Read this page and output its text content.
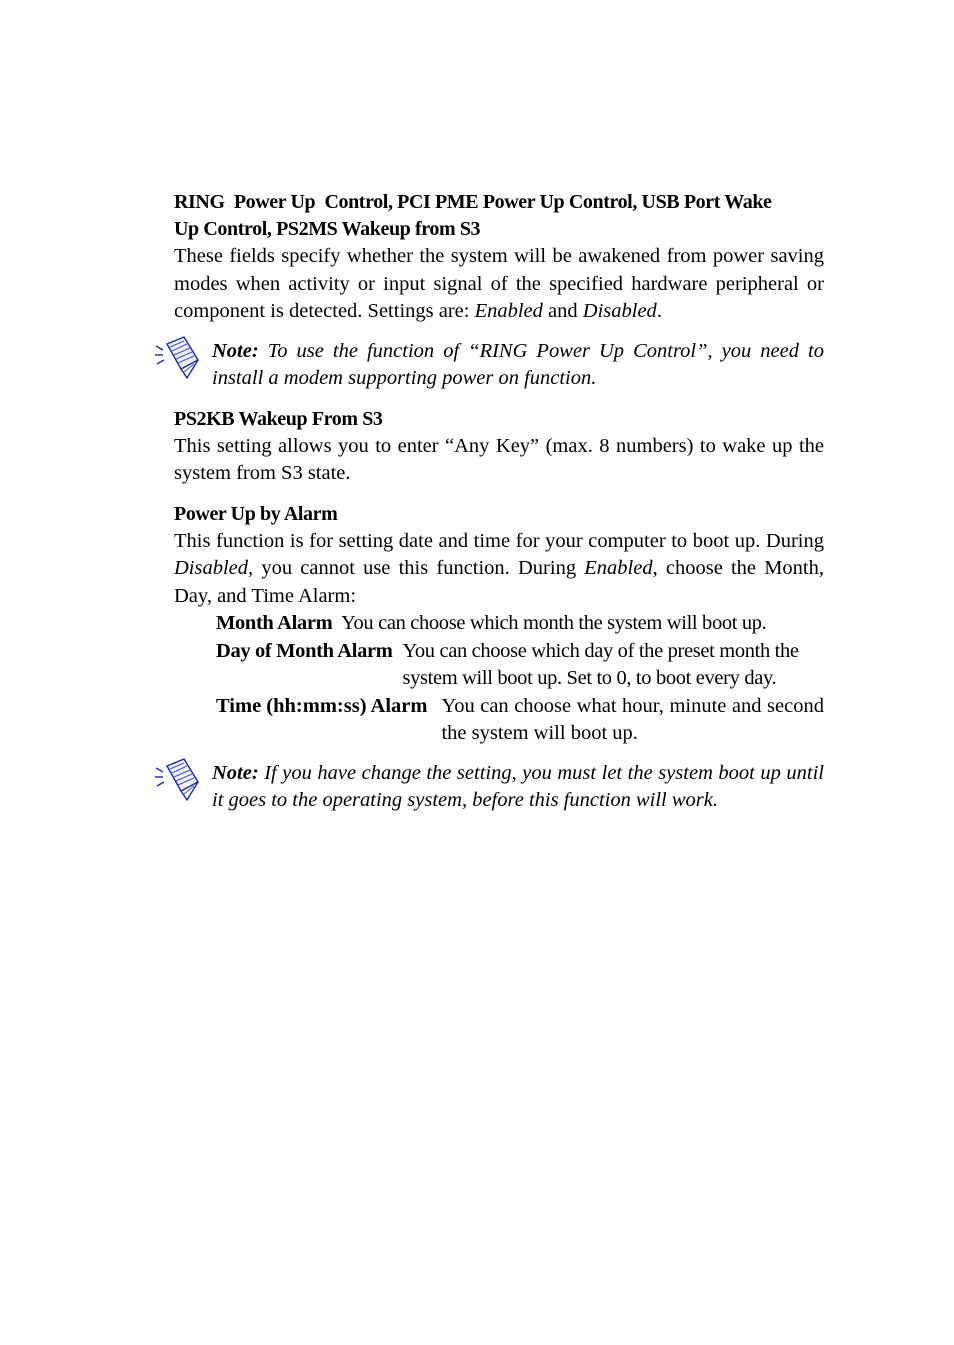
RING  Power Up  Control, PCI PME Power Up Control, USB Port Wake
Up Control, PS2MS Wakeup from S3

These fields specify whether the system will be awakened from power saving modes when activity or input signal of the specified hardware peripheral or component is detected. Settings are: Enabled and Disabled.

Note: To use the function of “RING Power Up Control”, you need to install a modem supporting power on function.

PS2KB Wakeup From S3

This setting allows you to enter “Any Key” (max. 8 numbers) to wake up the system from S3 state.

Power Up by Alarm

This function is for setting date and time for your computer to boot up. During Disabled, you cannot use this function. During Enabled, choose the Month, Day, and Time Alarm:

Month Alarm You can choose which month the system will boot up.
Day of Month Alarm You can choose which day of the preset month the system will boot up. Set to 0, to boot every day.
Time (hh:mm:ss) Alarm You can choose what hour, minute and second the system will boot up.

Note: If you have change the setting, you must let the system boot up until it goes to the operating system, before this function will work.
